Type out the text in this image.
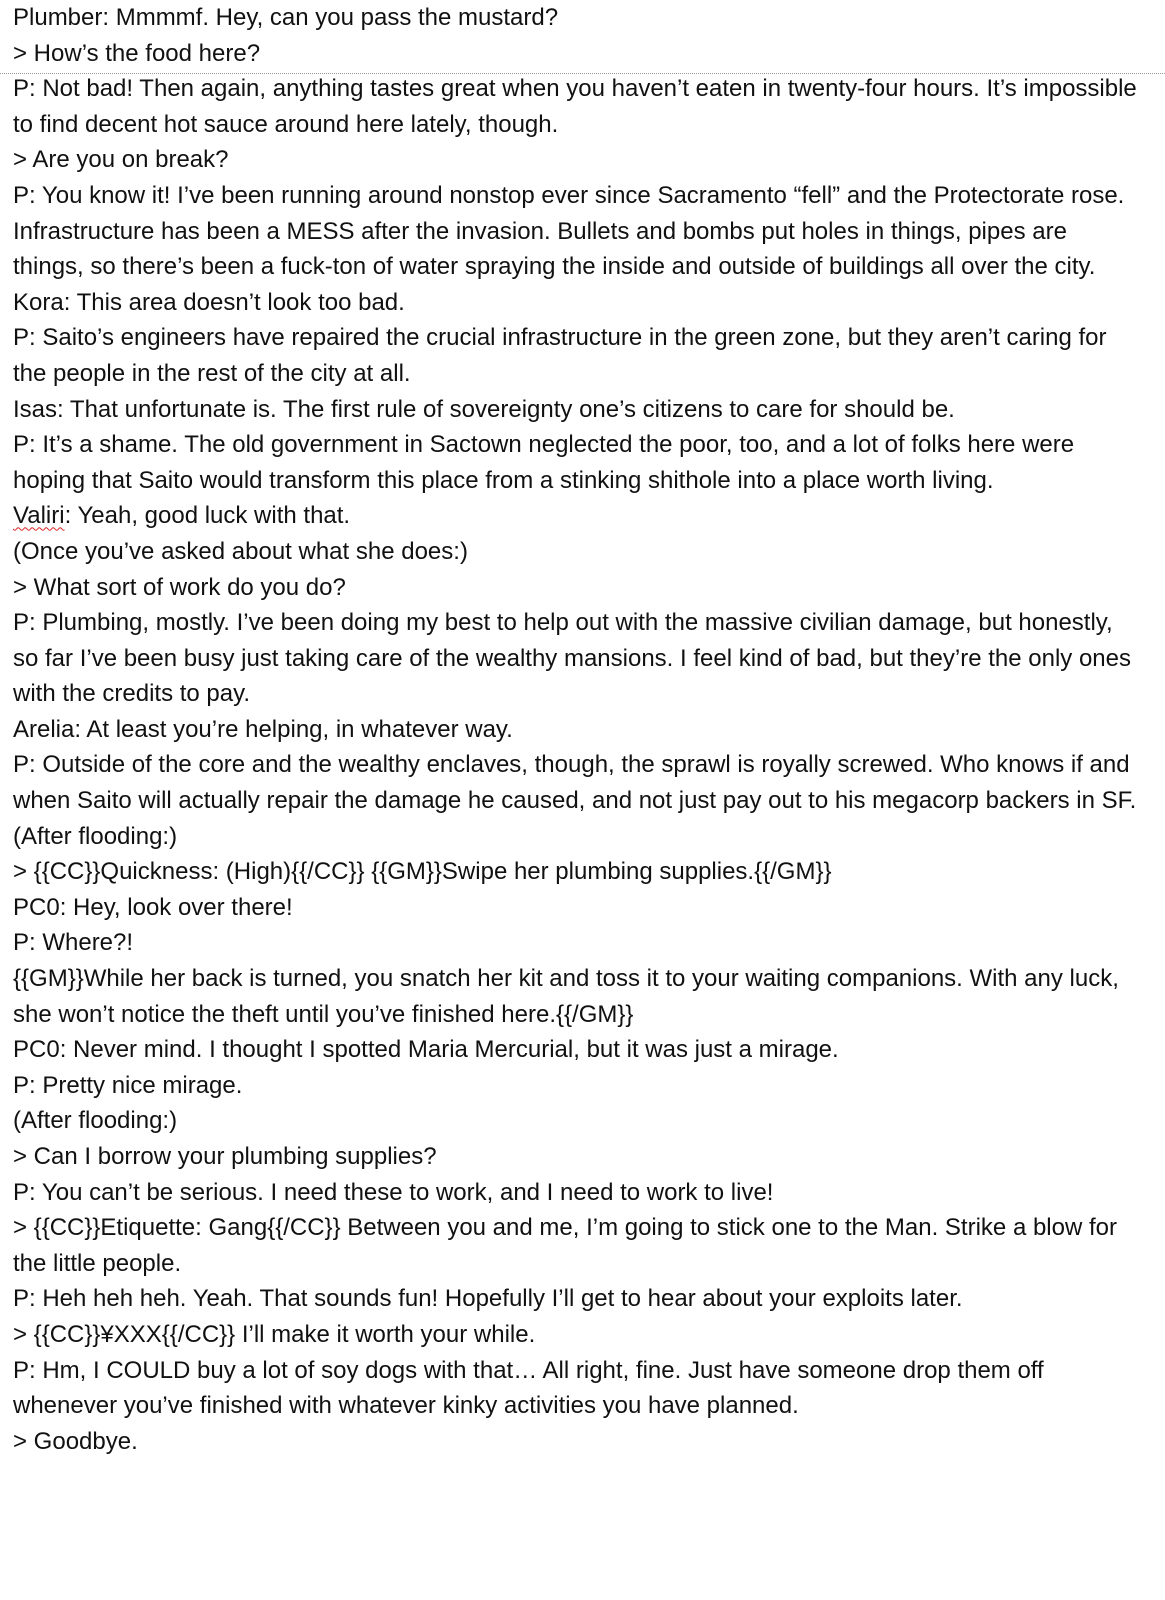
Plumber: Mmmmf. Hey, can you pass the mustard?
> How’s the food here?
P: Not bad! Then again, anything tastes great when you haven’t eaten in twenty-four hours. It’s impossible to find decent hot sauce around here lately, though.
> Are you on break?
P: You know it! I’ve been running around nonstop ever since Sacramento “fell” and the Protectorate rose. Infrastructure has been a MESS after the invasion. Bullets and bombs put holes in things, pipes are things, so there’s been a fuck-ton of water spraying the inside and outside of buildings all over the city.
Kora: This area doesn’t look too bad.
P: Saito’s engineers have repaired the crucial infrastructure in the green zone, but they aren’t caring for the people in the rest of the city at all.
Isas: That unfortunate is. The first rule of sovereignty one’s citizens to care for should be.
P: It’s a shame. The old government in Sactown neglected the poor, too, and a lot of folks here were hoping that Saito would transform this place from a stinking shithole into a place worth living.
Valiri: Yeah, good luck with that.
(Once you’ve asked about what she does:)
> What sort of work do you do?
P: Plumbing, mostly. I’ve been doing my best to help out with the massive civilian damage, but honestly, so far I’ve been busy just taking care of the wealthy mansions. I feel kind of bad, but they’re the only ones with the credits to pay.
Arelia: At least you’re helping, in whatever way.
P: Outside of the core and the wealthy enclaves, though, the sprawl is royally screwed. Who knows if and when Saito will actually repair the damage he caused, and not just pay out to his megacorp backers in SF.
(After flooding:)
> {{CC}}Quickness: (High){{/CC}} {{GM}}Swipe her plumbing supplies.{{/GM}}
PC0: Hey, look over there!
P: Where?!
{{GM}}While her back is turned, you snatch her kit and toss it to your waiting companions. With any luck, she won’t notice the theft until you’ve finished here.{{/GM}}
PC0: Never mind. I thought I spotted Maria Mercurial, but it was just a mirage.
P: Pretty nice mirage.
(After flooding:)
> Can I borrow your plumbing supplies?
P: You can’t be serious. I need these to work, and I need to work to live!
> {{CC}}Etiquette: Gang{{/CC}} Between you and me, I’m going to stick one to the Man. Strike a blow for the little people.
P: Heh heh heh. Yeah. That sounds fun! Hopefully I’ll get to hear about your exploits later.
> {{CC}}¥XXX{{/CC}} I’ll make it worth your while.
P: Hm, I COULD buy a lot of soy dogs with that… All right, fine. Just have someone drop them off whenever you’ve finished with whatever kinky activities you have planned.
> Goodbye.
